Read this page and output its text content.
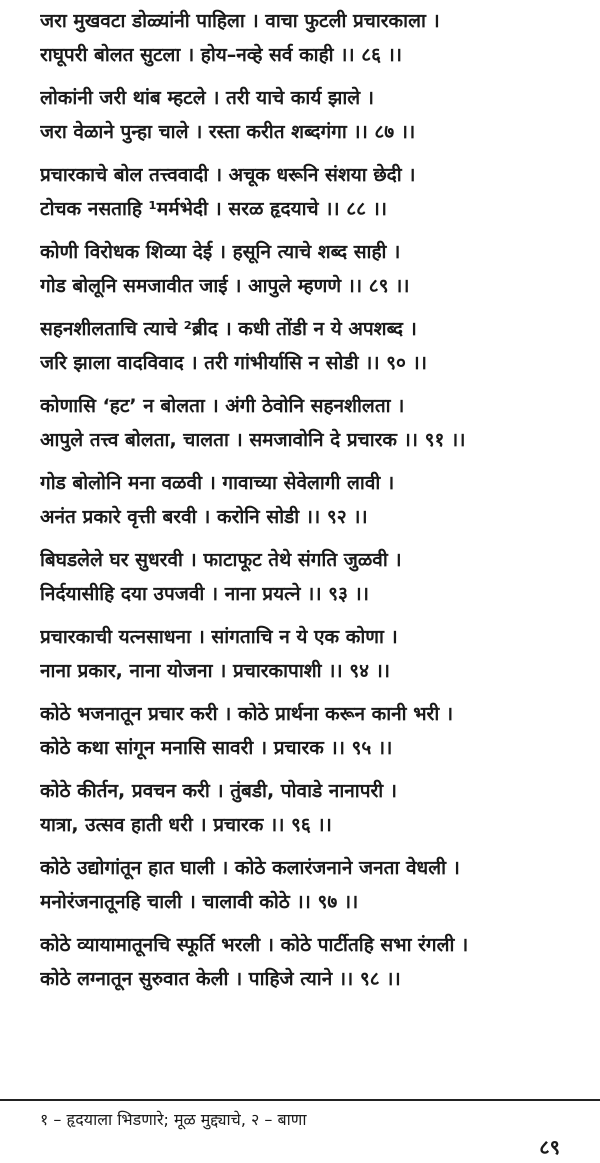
जरा मुखवटा डोळ्यांनी पाहिला । वाचा फुटली प्रचारकाला ।
राघूपरी बोलत सुटला । होय–नव्हे सर्व काही ।। ८६ ।।
लोकांनी जरी थांब म्हटले । तरी याचे कार्य झाले ।
जरा वेळाने पुन्हा चाले । रस्ता करीत शब्दगंगा ।। ८७ ।।
प्रचारकाचे बोल तत्त्ववादी । अचूक धरूनि संशया छेदी ।
टोचक नसताहि ¹मर्मभेदी । सरळ हृदयाचे ।। ८८ ।।
कोणी विरोधक शिव्या देई । हसूनि त्याचे शब्द साही ।
गोड बोलूनि समजावीत जाई । आपुले म्हणणे ।। ८९ ।।
सहनशीलताचि त्याचे ²ब्रीद । कधी तोंडी न ये अपशब्द ।
जरि झाला वादविवाद । तरी गांभीर्यासि न सोडी ।। ९० ।।
कोणासि ‘हट’ न बोलता । अंगी ठेवोनि सहनशीलता ।
आपुले तत्त्व बोलता, चालता । समजावोनि दे प्रचारक ।। ९१ ।।
गोड बोलोनि मना वळवी । गावाच्या सेवेलागी लावी ।
अनंत प्रकारे वृत्ती बरवी । करोनि सोडी ।। ९२ ।।
बिघडलेले घर सुधरवी । फाटाफूट तेथे संगति जुळवी ।
निर्दयासीहि दया उपजवी । नाना प्रयत्ने ।। ९३ ।।
प्रचारकाची यत्नसाधना । सांगताचि न ये एक कोणा ।
नाना प्रकार, नाना योजना । प्रचारकापाशी ।। ९४ ।।
कोठे भजनातून प्रचार करी । कोठे प्रार्थना करून कानी भरी ।
कोठे कथा सांगून मनासि सावरी । प्रचारक ।। ९५ ।।
कोठे कीर्तन, प्रवचन करी । तुंबडी, पोवाडे नानापरी ।
यात्रा, उत्सव हाती धरी । प्रचारक ।। ९६ ।।
कोठे उद्योगांतून हात घाली । कोठे कलारंजनाने जनता वेधली ।
मनोरंजनातूनहि चाली । चालावी कोठे ।। ९७ ।।
कोठे व्यायामातूनचि स्फूर्ति भरली । कोठे पार्टीतहि सभा रंगली ।
कोठे लग्नातून सुरुवात केली । पाहिजे त्याने ।। ९८ ।।
१ – हृदयाला भिडणारे; मूळ मुद्द्याचे, २ – बाणा
८९
